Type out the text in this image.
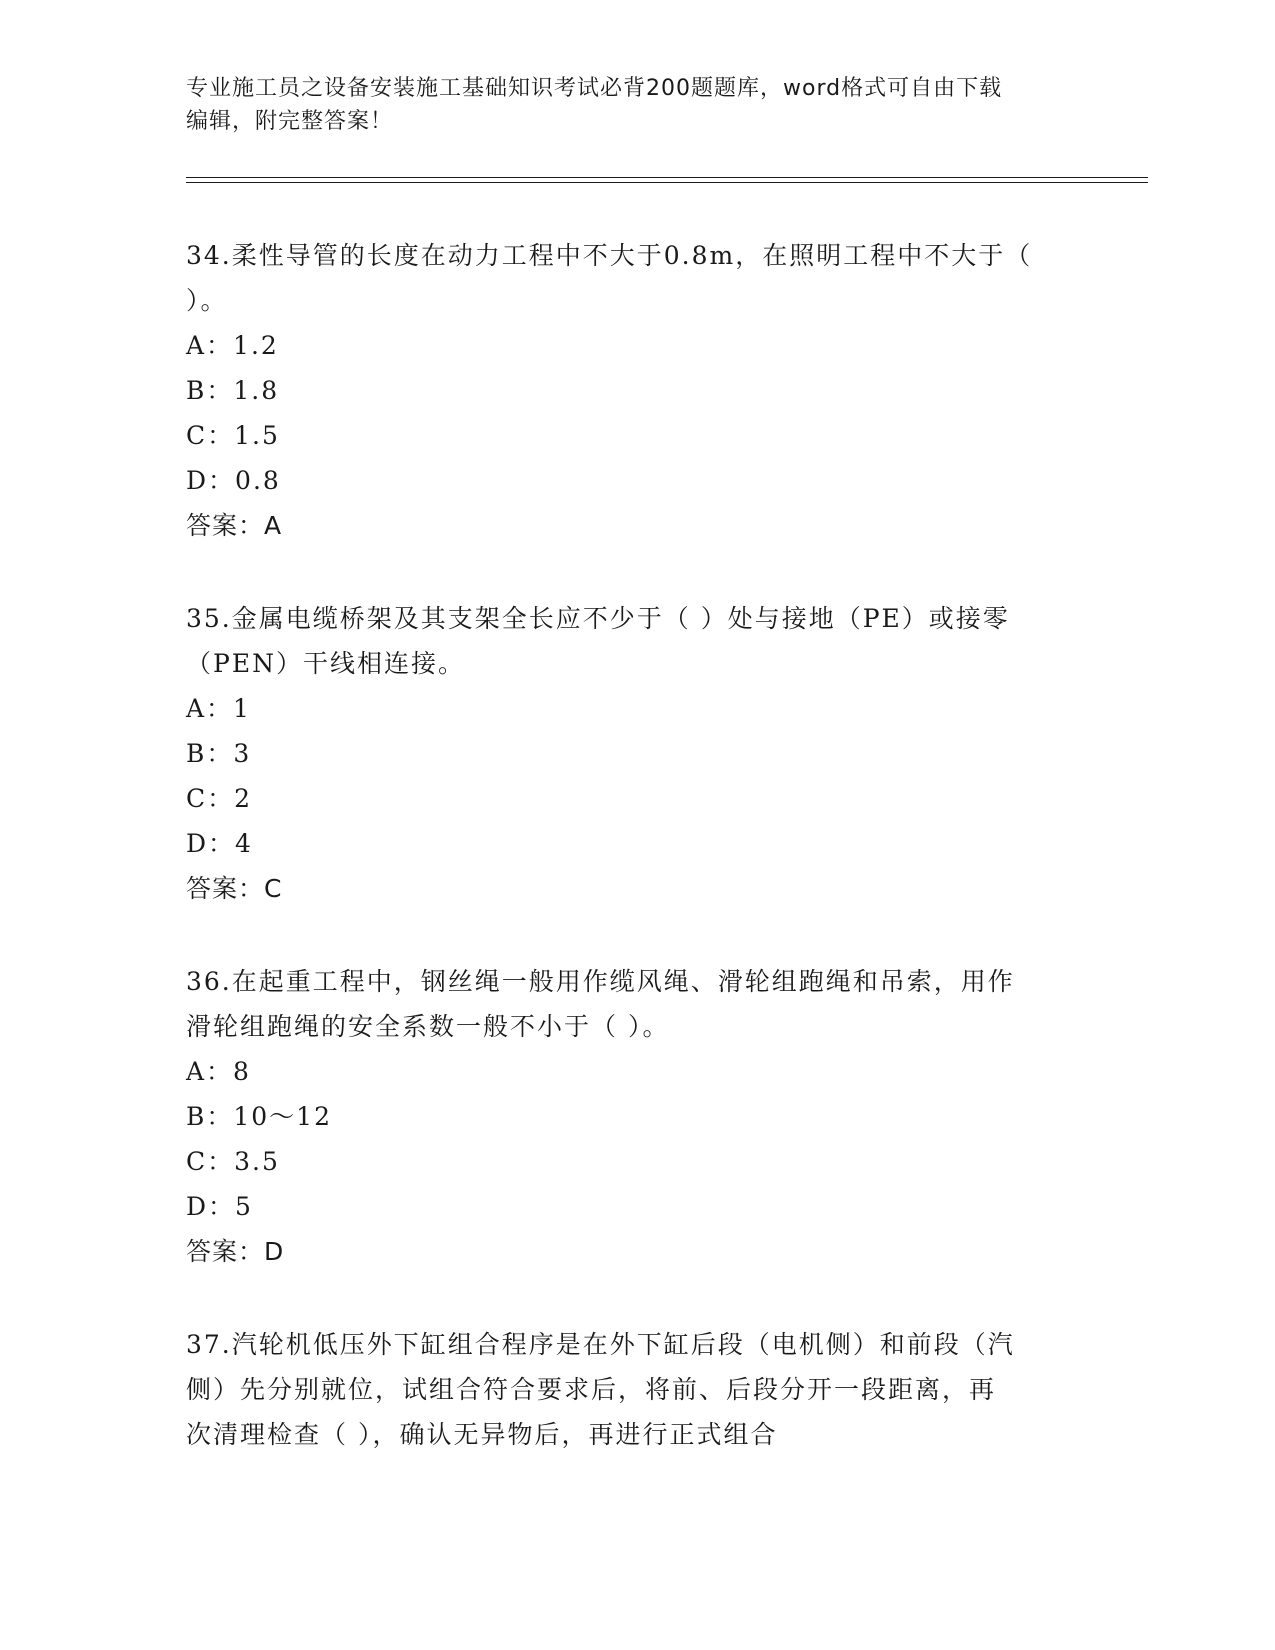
专业施工员之设备安装施工基础知识考试必背200题题库，word格式可自由下载
编辑，附完整答案！

34.柔性导管的长度在动力工程中不大于0.8m，在照明工程中不大于（

）。

A：1.2

B：1.8

C：1.5

D：0.8

答案：A

35.金属电缆桥架及其支架全长应不少于（ ）处与接地（PE）或接零

（PEN）干线相连接。

A：1

B：3

C：2

D：4

答案：C

36.在起重工程中，钢丝绳一般用作缆风绳、滑轮组跑绳和吊索，用作

滑轮组跑绳的安全系数一般不小于（ ）。

A：8

B：10～12

C：3.5

D：5

答案：D

37.汽轮机低压外下缸组合程序是在外下缸后段（电机侧）和前段（汽

侧）先分别就位，试组合符合要求后，将前、后段分开一段距离，再

次清理检查（ ），确认无异物后，再进行正式组合
